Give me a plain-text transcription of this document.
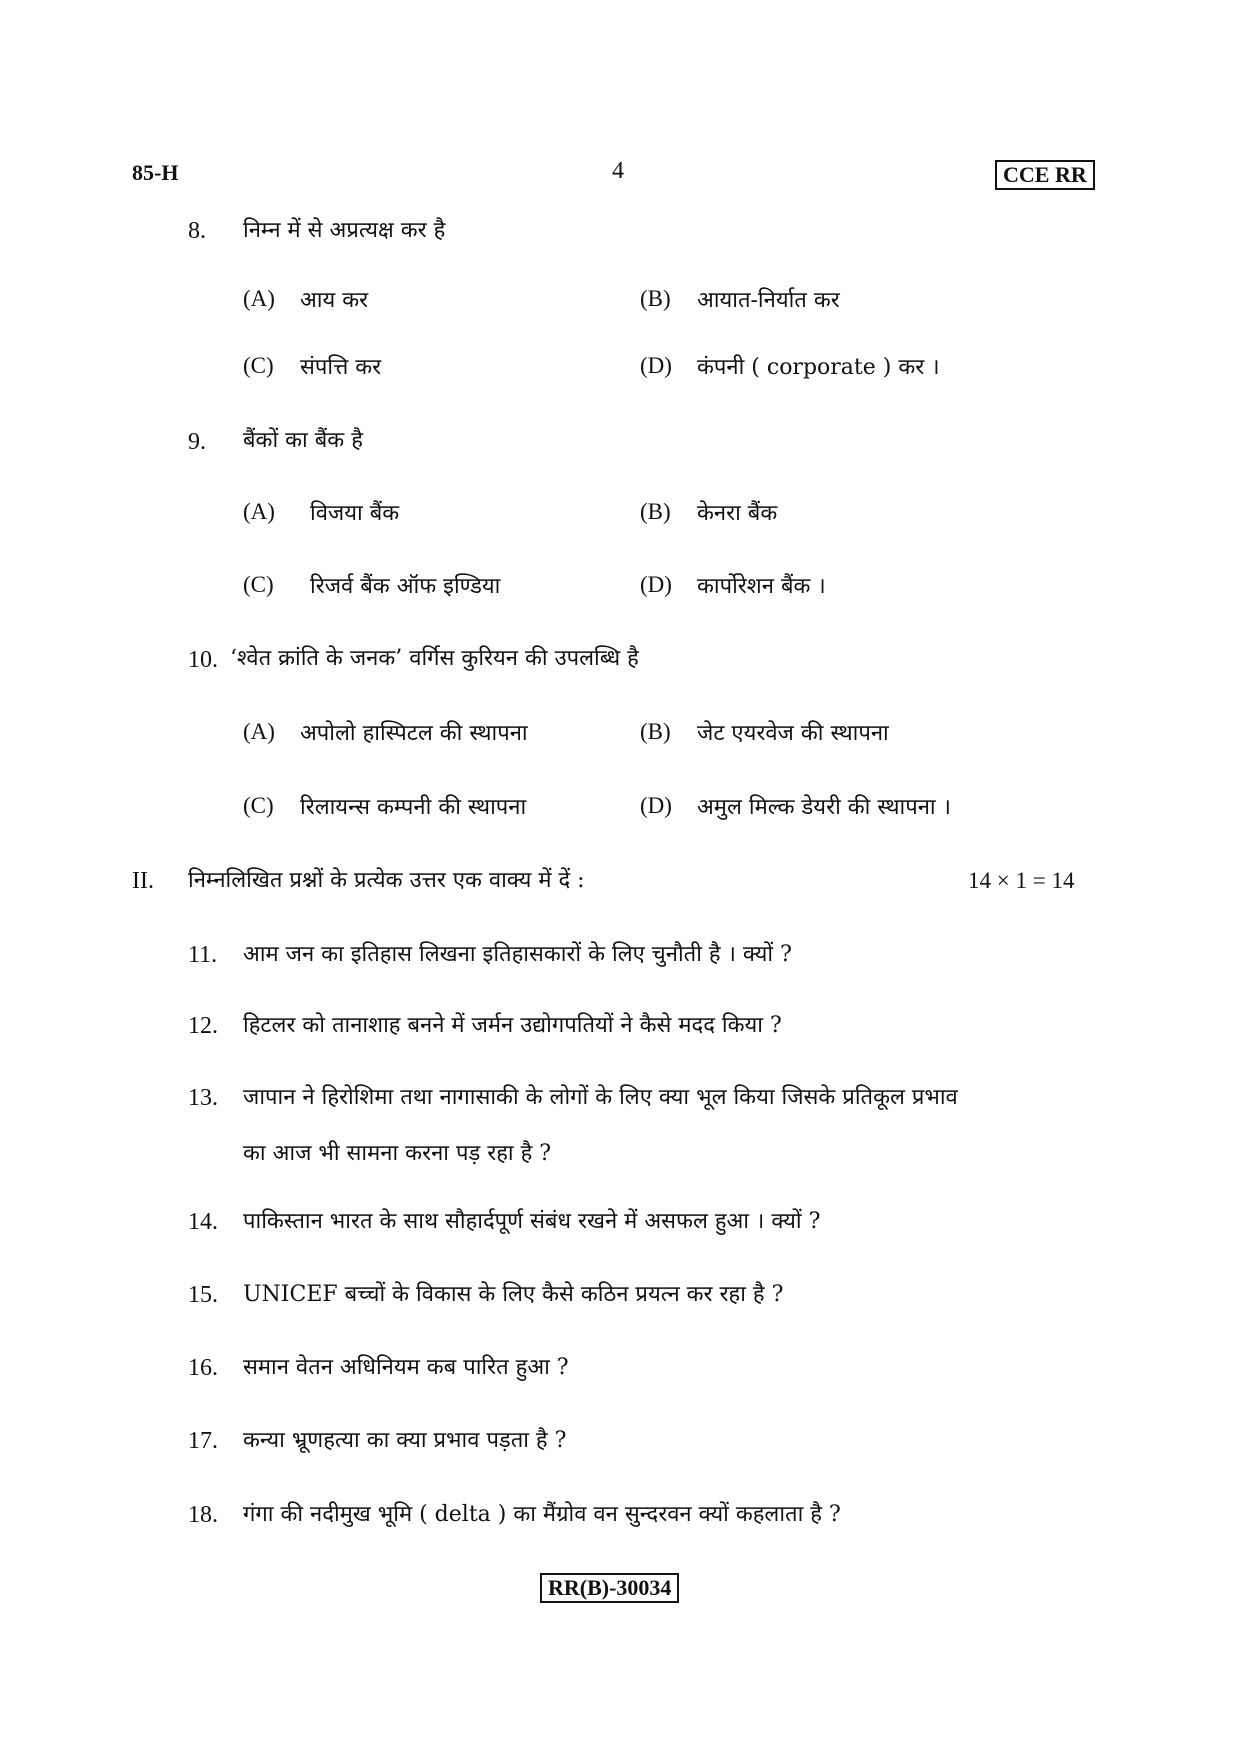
85-H	4	CCE RR
8. निम्न में से अप्रत्यक्ष कर है
(A) आय कर	(B) आयात-निर्यात कर
(C) संपत्ति कर	(D) कंपनी ( corporate ) कर ।
9. बैंकों का बैंक है
(A) विजया बैंक	(B) केनरा बैंक
(C) रिजर्व बैंक ऑफ इण्डिया	(D) कार्पोरेशन बैंक ।
10. ‘श्वेत क्रांति के जनक’ वर्गिस कुरियन की उपलब्धि है
(A) अपोलो हास्पिटल की स्थापना	(B) जेट एयरवेज की स्थापना
(C) रिलायन्स कम्पनी की स्थापना	(D) अमुल मिल्क डेयरी की स्थापना ।
II. निम्नलिखित प्रश्नों के प्रत्येक उत्तर एक वाक्य में दें :	14 × 1 = 14
11. आम जन का इतिहास लिखना इतिहासकारों के लिए चुनौती है । क्यों ?
12. हिटलर को तानाशाह बनने में जर्मन उद्योगपतियों ने कैसे मदद किया ?
13. जापान ने हिरोशिमा तथा नागासाकी के लोगों के लिए क्या भूल किया जिसके प्रतिकूल प्रभाव
का आज भी सामना करना पड़ रहा है ?
14. पाकिस्तान भारत के साथ सौहार्दपूर्ण संबंध रखने में असफल हुआ । क्यों ?
15. UNICEF बच्चों के विकास के लिए कैसे कठिन प्रयत्न कर रहा है ?
16. समान वेतन अधिनियम कब पारित हुआ ?
17. कन्या भ्रूणहत्या का क्या प्रभाव पड़ता है ?
18. गंगा की नदीमुख भूमि ( delta ) का मैंग्रोव वन सुन्दरवन क्यों कहलाता है ?
RR(B)-30034
